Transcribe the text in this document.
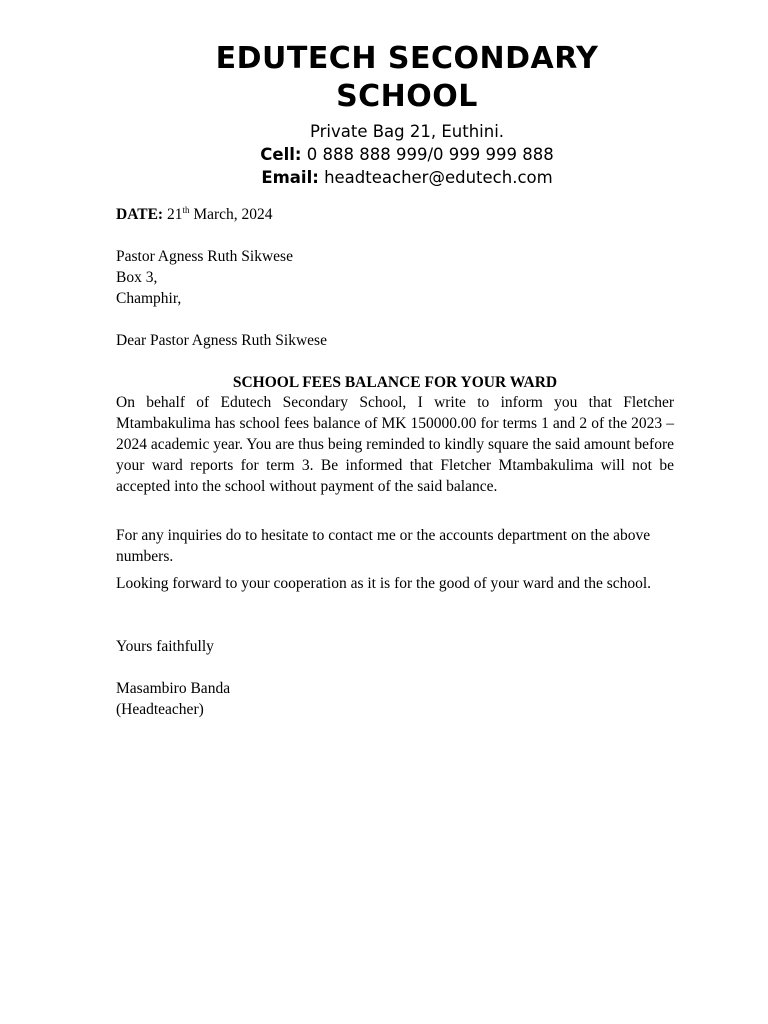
EDUTECH SECONDARY SCHOOL

Private Bag 21, Euthini.

Cell: 0 888 888 999/0 999 999 888

Email: headteacher@edutech.com

DATE: 21th March, 2024
Pastor Agness Ruth Sikwese
Box 3,
Champhir,
Dear Pastor Agness Ruth Sikwese
SCHOOL FEES BALANCE FOR YOUR WARD
On behalf of Edutech Secondary School, I write to inform you that Fletcher Mtambakulima has school fees balance of MK 150000.00 for terms 1 and 2 of the 2023 – 2024 academic year. You are thus being reminded to kindly square the said amount before your ward reports for term 3. Be informed that Fletcher Mtambakulima will not be accepted into the school without payment of the said balance.
For any inquiries do to hesitate to contact me or the accounts department on the above numbers.
Looking forward to your cooperation as it is for the good of your ward and the school.
Yours faithfully
Masambiro Banda
(Headteacher)
